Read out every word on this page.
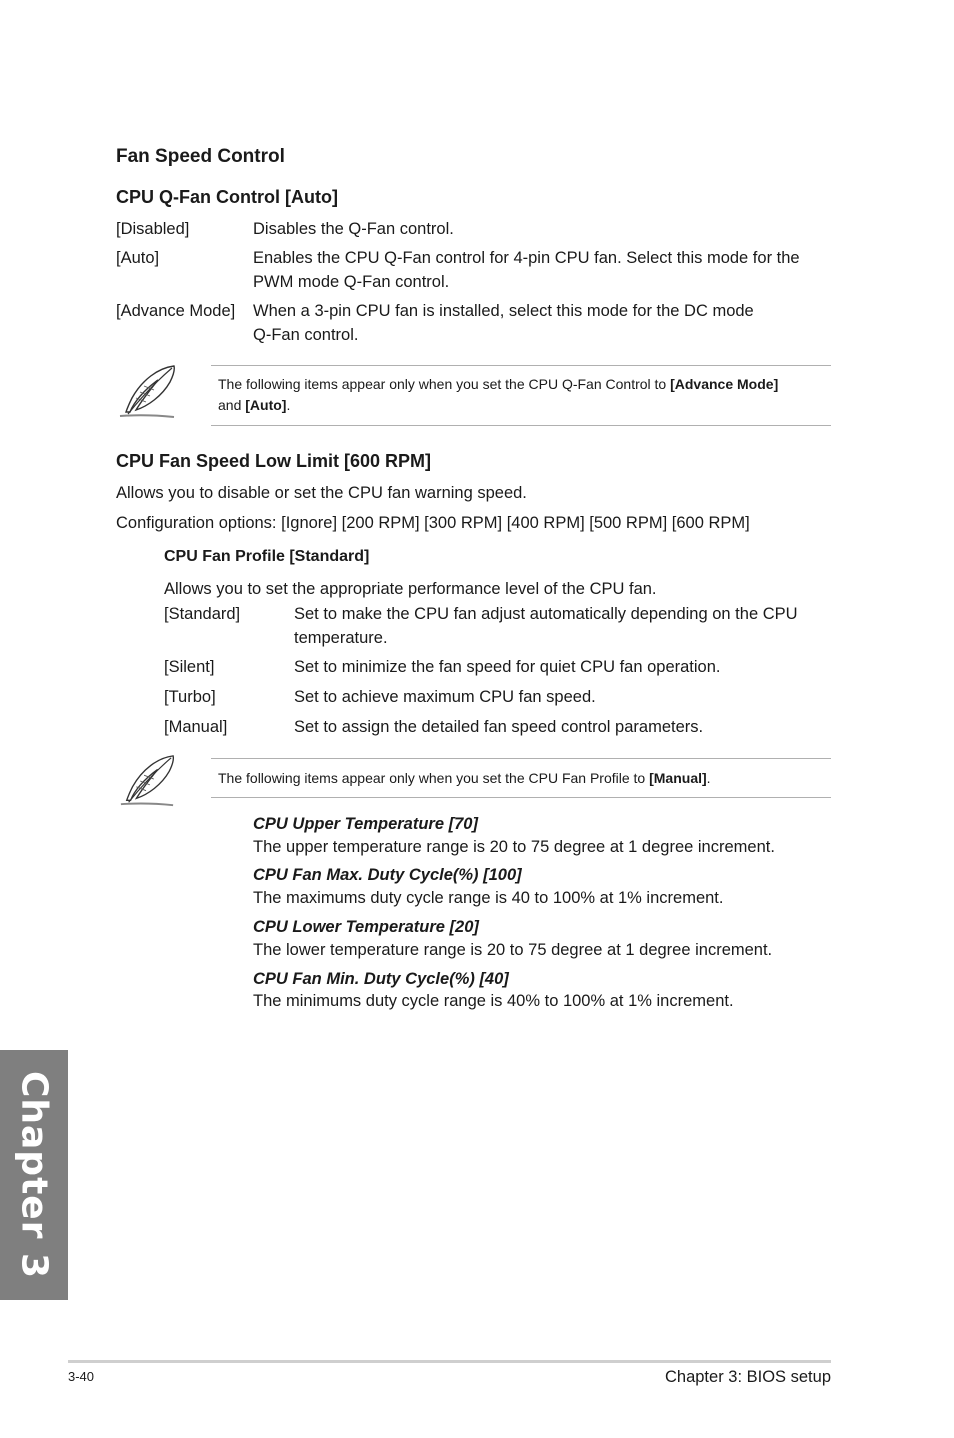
Fan Speed Control
CPU Q-Fan Control [Auto]
[Disabled]	Disables the Q-Fan control.
[Auto]	Enables the CPU Q-Fan control for 4-pin CPU fan. Select this mode for the
PWM mode Q-Fan control.
[Advance Mode] When a 3-pin CPU fan is installed, select this mode for the DC mode
Q-Fan control.
The following items appear only when you set the CPU Q-Fan Control to [Advance Mode]
and [Auto].
CPU Fan Speed Low Limit [600 RPM]
Allows you to disable or set the CPU fan warning speed.
Configuration options: [Ignore] [200 RPM] [300 RPM] [400 RPM] [500 RPM] [600 RPM]
CPU Fan Profile [Standard]
Allows you to set the appropriate performance level of the CPU fan.
[Standard]	Set to make the CPU fan adjust automatically depending on the CPU
temperature.
[Silent]	Set to minimize the fan speed for quiet CPU fan operation.
[Turbo]	Set to achieve maximum CPU fan speed.
[Manual]	Set to assign the detailed fan speed control parameters.
The following items appear only when you set the CPU Fan Profile to [Manual].
CPU Upper Temperature [70]
The upper temperature range is 20 to 75 degree at 1 degree increment.
CPU Fan Max. Duty Cycle(%) [100]
The maximums duty cycle range is 40 to 100% at 1% increment.
CPU Lower Temperature [20]
The lower temperature range is 20 to 75 degree at 1 degree increment.
CPU Fan Min. Duty Cycle(%) [40]
The minimums duty cycle range is 40% to 100% at 1% increment.
Chapter 3
3-40	Chapter 3: BIOS setup
